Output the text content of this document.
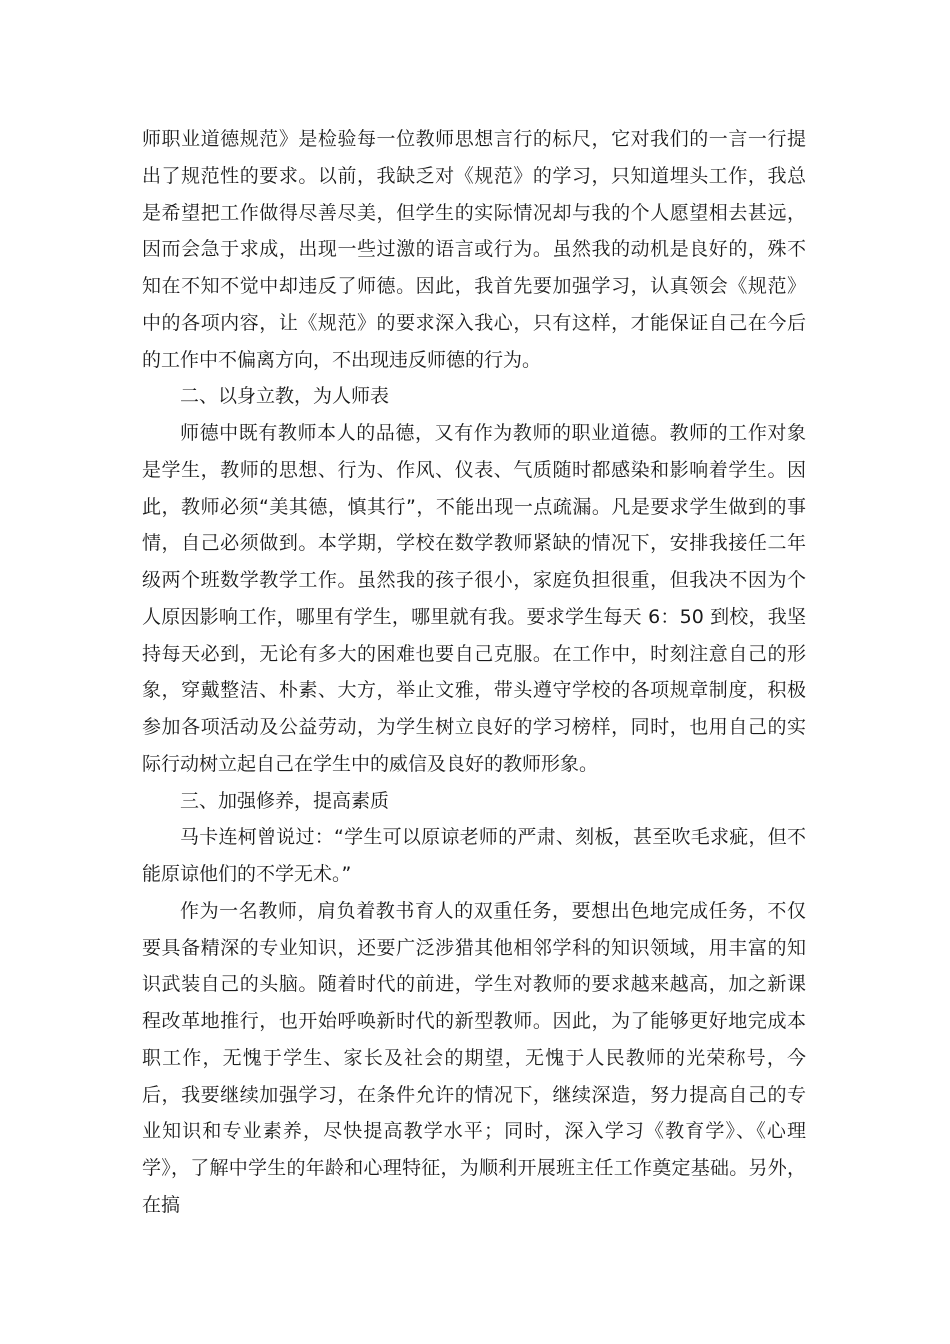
师职业道德规范》是检验每一位教师思想言行的标尺，它对我们的一言一行提出了规范性的要求。以前，我缺乏对《规范》的学习，只知道埋头工作，我总是希望把工作做得尽善尽美，但学生的实际情况却与我的个人愿望相去甚远，因而会急于求成，出现一些过激的语言或行为。虽然我的动机是良好的，殊不知在不知不觉中却违反了师德。因此，我首先要加强学习，认真领会《规范》中的各项内容，让《规范》的要求深入我心，只有这样，才能保证自己在今后的工作中不偏离方向，不出现违反师德的行为。

二、以身立教，为人师表

师德中既有教师本人的品德，又有作为教师的职业道德。教师的工作对象是学生，教师的思想、行为、作风、仪表、气质随时都感染和影响着学生。因此，教师必须“美其德，慎其行”，不能出现一点疏漏。凡是要求学生做到的事情，自己必须做到。本学期，学校在数学教师紧缺的情况下，安排我接任二年级两个班数学教学工作。虽然我的孩子很小，家庭负担很重，但我决不因为个人原因影响工作，哪里有学生，哪里就有我。要求学生每天 6：50 到校，我坚持每天必到，无论有多大的困难也要自己克服。在工作中，时刻注意自己的形象，穿戴整洁、朴素、大方，举止文雅，带头遵守学校的各项规章制度，积极参加各项活动及公益劳动，为学生树立良好的学习榜样，同时，也用自己的实际行动树立起自己在学生中的威信及良好的教师形象。

三、加强修养，提高素质

马卡连柯曾说过：“学生可以原谅老师的严肃、刻板，甚至吹毛求疵，但不能原谅他们的不学无术。”

作为一名教师，肩负着教书育人的双重任务，要想出色地完成任务，不仅要具备精深的专业知识，还要广泛涉猎其他相邻学科的知识领域，用丰富的知识武装自己的头脑。随着时代的前进，学生对教师的要求越来越高，加之新课程改革地推行，也开始呼唤新时代的新型教师。因此，为了能够更好地完成本职工作，无愧于学生、家长及社会的期望，无愧于人民教师的光荣称号，今后，我要继续加强学习，在条件允许的情况下，继续深造，努力提高自己的专业知识和专业素养，尽快提高教学水平；同时，深入学习《教育学》、《心理学》，了解中学生的年龄和心理特征，为顺利开展班主任工作奠定基础。另外，在搞
